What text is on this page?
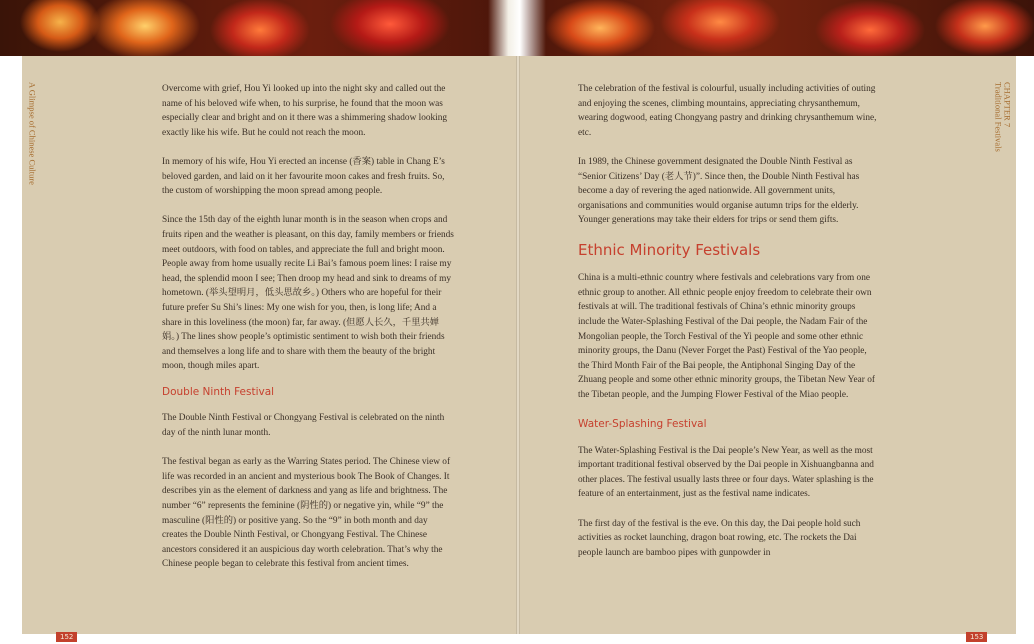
A Glimpse of Chinese Culture	CHAPTER 7
Traditional Festivals

Overcome with grief, Hou Yi looked up into the night sky and called out the name of his beloved wife when, to his surprise, he found that the moon was especially clear and bright and on it there was a shimmering shadow looking exactly like his wife. But he could not reach the moon.

In memory of his wife, Hou Yi erected an incense (香案) table in Chang E’s beloved garden, and laid on it her favourite moon cakes and fresh fruits. So, the custom of worshipping the moon spread among people.

Since the 15th day of the eighth lunar month is in the season when crops and fruits ripen and the weather is pleasant, on this day, family members or friends meet outdoors, with food on tables, and appreciate the full and bright moon. People away from home usually recite Li Bai’s famous poem lines: I raise my head, the splendid moon I see; Then droop my head and sink to dreams of my hometown. (举头望明月，低头思故乡。) Others who are hopeful for their future prefer Su Shi’s lines: My one wish for you, then, is long life; And a share in this loveliness (the moon) far, far away. (但愿人长久，千里共婵娟。) The lines show people’s optimistic sentiment to wish both their friends and themselves a long life and to share with them the beauty of the bright moon, though miles apart.

Double Ninth Festival

The Double Ninth Festival or Chongyang Festival is celebrated on the ninth day of the ninth lunar month.

The festival began as early as the Warring States period. The Chinese view of life was recorded in an ancient and mysterious book The Book of Changes. It describes yin as the element of darkness and yang as life and brightness. The number “6” represents the feminine (阴性的) or negative yin, while “9” the masculine (阳性的) or positive yang. So the “9” in both month and day creates the Double Ninth Festival, or Chongyang Festival. The Chinese ancestors considered it an auspicious day worth celebration. That’s why the Chinese people began to celebrate this festival from ancient times.

The celebration of the festival is colourful, usually including activities of outing and enjoying the scenes, climbing mountains, appreciating chrysanthemum, wearing dogwood, eating Chongyang pastry and drinking chrysanthemum wine, etc.

In 1989, the Chinese government designated the Double Ninth Festival as “Senior Citizens’ Day (老人节)”. Since then, the Double Ninth Festival has become a day of revering the aged nationwide. All government units, organisations and communities would organise autumn trips for the elderly. Younger generations may take their elders for trips or send them gifts.

Ethnic Minority Festivals

China is a multi-ethnic country where festivals and celebrations vary from one ethnic group to another. All ethnic people enjoy freedom to celebrate their own festivals at will. The traditional festivals of China’s ethnic minority groups include the Water-Splashing Festival of the Dai people, the Nadam Fair of the Mongolian people, the Torch Festival of the Yi people and some other ethnic minority groups, the Danu (Never Forget the Past) Festival of the Yao people, the Third Month Fair of the Bai people, the Antiphonal Singing Day of the Zhuang people and some other ethnic minority groups, the Tibetan New Year of the Tibetan people, and the Jumping Flower Festival of the Miao people.

Water-Splashing Festival

The Water-Splashing Festival is the Dai people’s New Year, as well as the most important traditional festival observed by the Dai people in Xishuangbanna and other places. The festival usually lasts three or four days. Water splashing is the feature of an entertainment, just as the festival name indicates.

The first day of the festival is the eve. On this day, the Dai people hold such activities as rocket launching, dragon boat rowing, etc. The rockets the Dai people launch are bamboo pipes with gunpowder in

152	153
